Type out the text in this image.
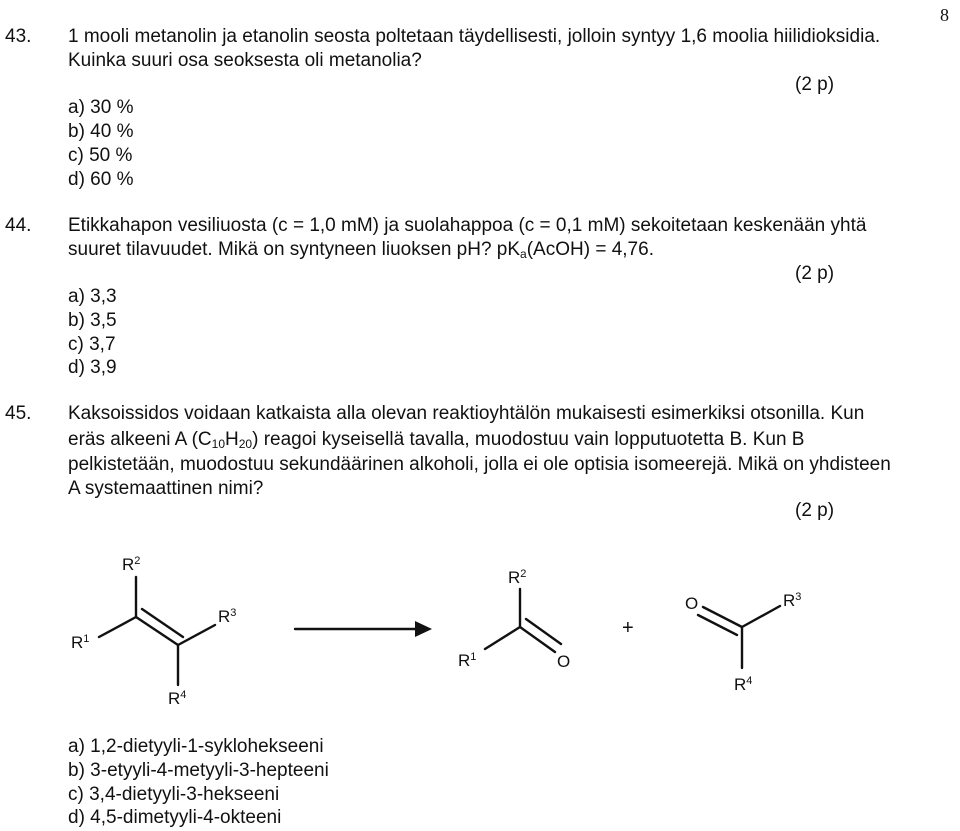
8
43. 1 mooli metanolin ja etanolin seosta poltetaan täydellisesti, jolloin syntyy 1,6 moolia hiilidioksidia.
Kuinka suuri osa seoksesta oli metanolia?
(2 p)
a) 30 %
b) 40 %
c) 50 %
d) 60 %
44. Etikkahapon vesiliuosta (c = 1,0 mM) ja suolahappoa (c = 0,1 mM) sekoitetaan keskenään yhtä
suuret tilavuudet. Mikä on syntyneen liuoksen pH? $pK_a(AcOH) = 4,76$.
(2 p)
a) 3,3
b) 3,5
c) 3,7
d) 3,9
45. Kaksoissidos voidaan katkaista alla olevan reaktioyhtälön mukaisesti esimerkiksi otsonilla. Kun
eräs alkeeni A $(C_{10}H_{20})$ reagoi kyseisellä tavalla, muodostuu vain lopputuotetta B. Kun B
pelkistetään, muodostuu sekundäärinen alkoholi, jolla ei ole optisia isomeerejä. Mikä on yhdisteen
A systemaattinen nimi?
(2 p)
$R^2$
$R^1$
$R^3$
$R^4$
$R^2$
$R^1$	O
+
O	$R^3$
$R^4$
a) 1,2-dietyyli-1-syklohekseeni
b) 3-etyyli-4-metyyli-3-hepteeni
c) 3,4-dietyyli-3-hekseeni
d) 4,5-dimetyyli-4-okteeni
